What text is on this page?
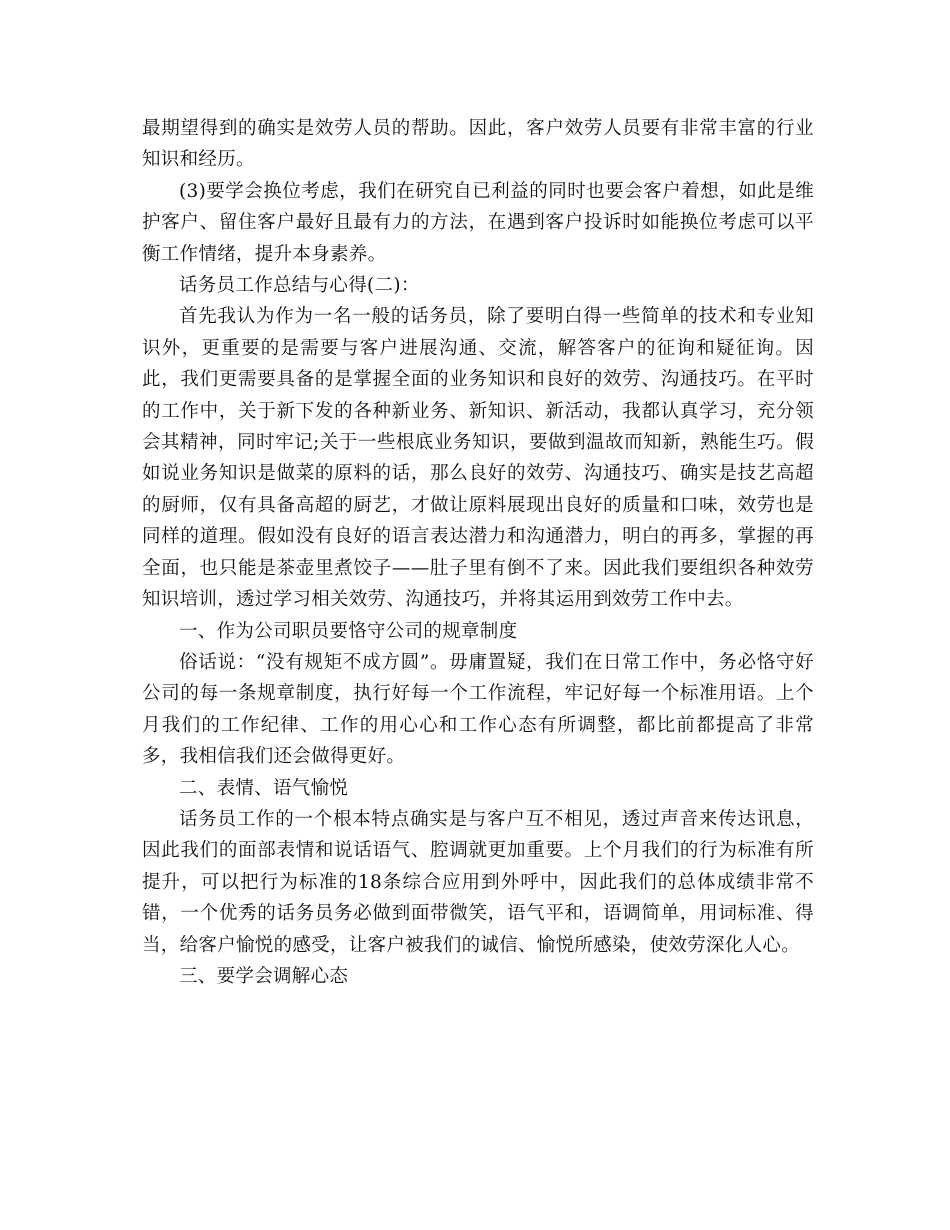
最期望得到的确实是效劳人员的帮助。因此，客户效劳人员要有非常丰富的行业知识和经历。

(3)要学会换位考虑，我们在研究自已利益的同时也要会客户着想，如此是维护客户、留住客户最好且最有力的方法，在遇到客户投诉时如能换位考虑可以平衡工作情绪，提升本身素养。

话务员工作总结与心得(二)：

首先我认为作为一名一般的话务员，除了要明白得一些简单的技术和专业知识外，更重要的是需要与客户进展沟通、交流，解答客户的征询和疑征询。因此，我们更需要具备的是掌握全面的业务知识和良好的效劳、沟通技巧。在平时的工作中，关于新下发的各种新业务、新知识、新活动，我都认真学习，充分领会其精神，同时牢记;关于一些根底业务知识，要做到温故而知新，熟能生巧。假如说业务知识是做菜的原料的话，那么良好的效劳、沟通技巧、确实是技艺高超的厨师，仅有具备高超的厨艺，才做让原料展现出良好的质量和口味，效劳也是同样的道理。假如没有良好的语言表达潜力和沟通潜力，明白的再多，掌握的再全面，也只能是茶壶里煮饺子——肚子里有倒不了来。因此我们要组织各种效劳知识培训，透过学习相关效劳、沟通技巧，并将其运用到效劳工作中去。

一、作为公司职员要恪守公司的规章制度

俗话说：“没有规矩不成方圆”。毋庸置疑，我们在日常工作中，务必恪守好公司的每一条规章制度，执行好每一个工作流程，牢记好每一个标准用语。上个月我们的工作纪律、工作的用心心和工作心态有所调整，都比前都提高了非常多，我相信我们还会做得更好。

二、表情、语气愉悦

话务员工作的一个根本特点确实是与客户互不相见，透过声音来传达讯息，因此我们的面部表情和说话语气、腔调就更加重要。上个月我们的行为标准有所提升，可以把行为标准的18条综合应用到外呼中，因此我们的总体成绩非常不错，一个优秀的话务员务必做到面带微笑，语气平和，语调简单，用词标准、得当，给客户愉悦的感受，让客户被我们的诚信、愉悦所感染，使效劳深化人心。

三、要学会调解心态
